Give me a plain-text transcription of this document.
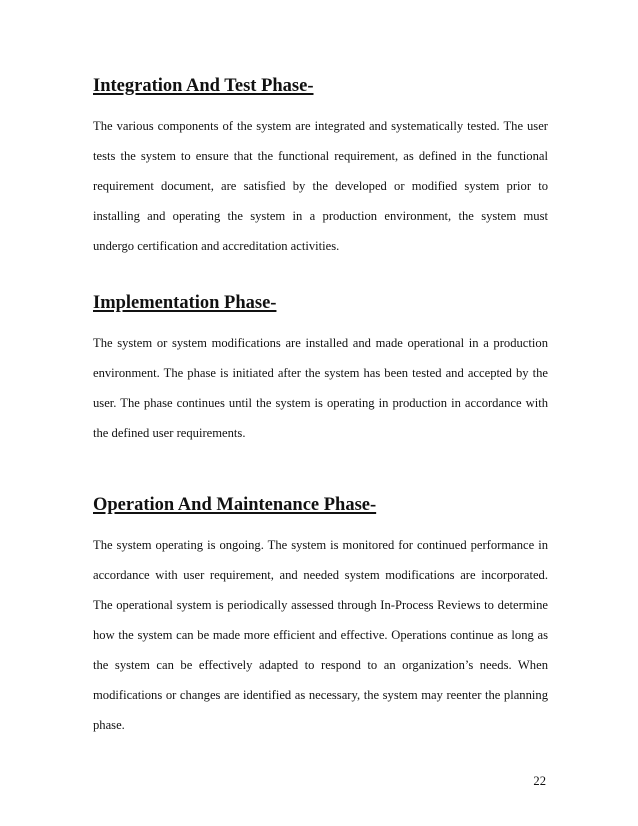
Integration And Test Phase-
The various components of the system are integrated and systematically tested. The user
tests the system to ensure that the functional requirement, as defined in the functional
requirement document, are satisfied by the developed or modified system prior to
installing and operating the system in a production environment, the system must
undergo certification and accreditation activities.
Implementation Phase-
The system or system modifications are installed and made operational in a production
environment. The phase is initiated after the system has been tested and accepted by the
user. The phase continues until the system is operating in production in accordance with
the defined user requirements.
Operation And Maintenance Phase-
The system operating is ongoing. The system is monitored for continued performance in
accordance with user requirement, and needed system modifications are incorporated.
The operational system is periodically assessed through In-Process Reviews to determine
how the system can be made more efficient and effective. Operations continue as long as
the system can be effectively adapted to respond to an organization’s needs. When
modifications or changes are identified as necessary, the system may reenter the planning
phase.
22
